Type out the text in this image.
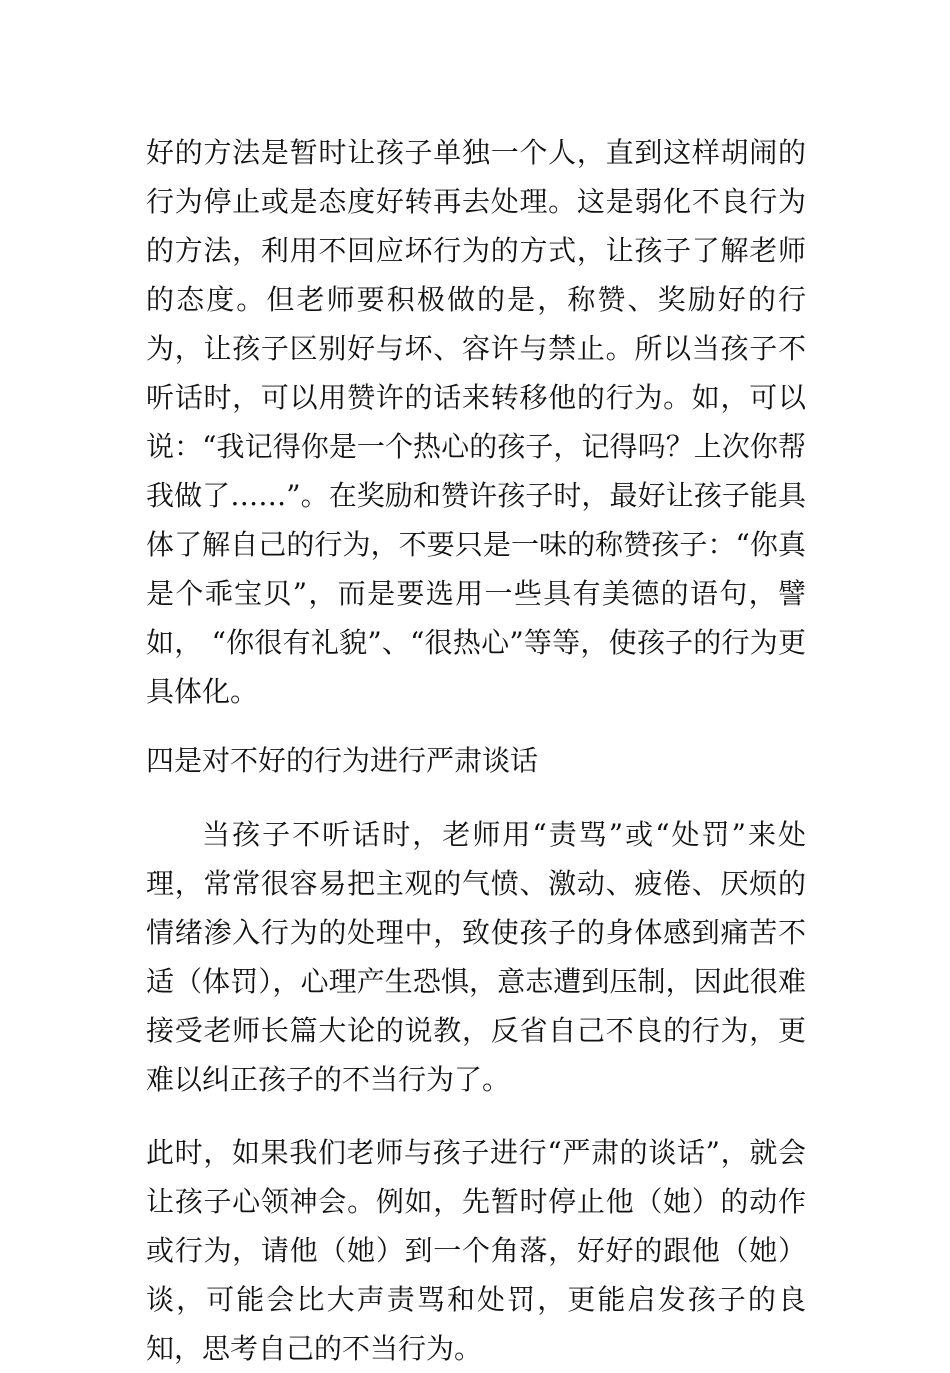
好的方法是暂时让孩子单独一个人，直到这样胡闹的行为停止或是态度好转再去处理。这是弱化不良行为的方法，利用不回应坏行为的方式，让孩子了解老师的态度。但老师要积极做的是，称赞、奖励好的行为，让孩子区别好与坏、容许与禁止。所以当孩子不听话时，可以用赞许的话来转移他的行为。如，可以说：“我记得你是一个热心的孩子，记得吗？上次你帮我做了……”。在奖励和赞许孩子时，最好让孩子能具体了解自己的行为，不要只是一味的称赞孩子：“你真是个乖宝贝”，而是要选用一些具有美德的语句，譬如， “你很有礼貌”、“很热心”等等，使孩子的行为更具体化。

四是对不好的行为进行严肃谈话

当孩子不听话时，老师用“责骂”或“处罚”来处理，常常很容易把主观的气愤、激动、疲倦、厌烦的情绪渗入行为的处理中，致使孩子的身体感到痛苦不适（体罚），心理产生恐惧，意志遭到压制，因此很难接受老师长篇大论的说教，反省自己不良的行为，更难以纠正孩子的不当行为了。

此时，如果我们老师与孩子进行“严肃的谈话”，就会让孩子心领神会。例如，先暂时停止他（她）的动作或行为，请他（她）到一个角落，好好的跟他（她）谈，可能会比大声责骂和处罚，更能启发孩子的良知，思考自己的不当行为。
